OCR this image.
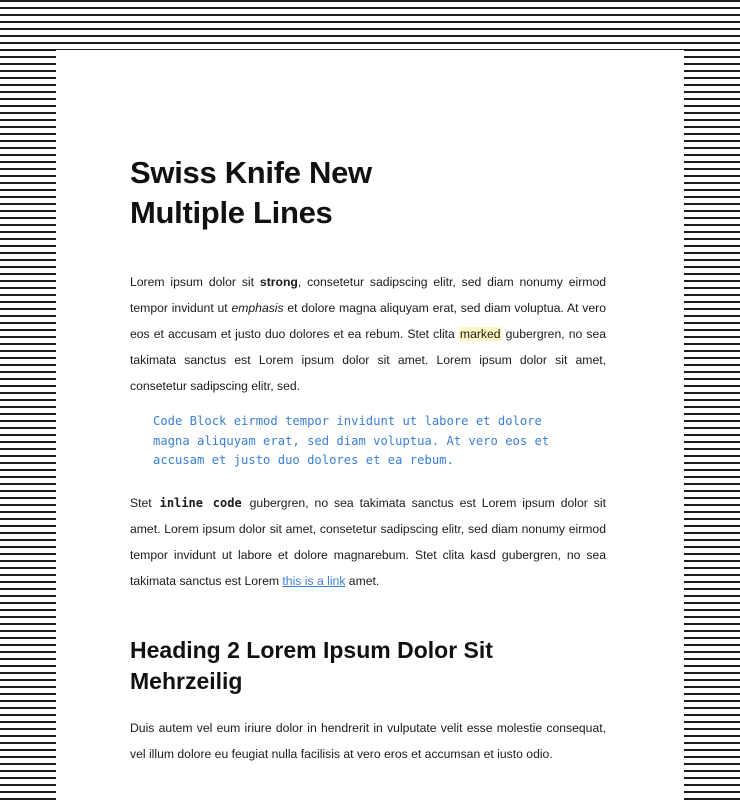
Swiss Knife New
Multiple Lines

Lorem ipsum dolor sit strong, consetetur sadipscing elitr, sed diam nonumy eirmod tempor invidunt ut emphasis et dolore magna aliquyam erat, sed diam voluptua. At vero eos et accusam et justo duo dolores et ea rebum. Stet clita marked gubergren, no sea takimata sanctus est Lorem ipsum dolor sit amet. Lorem ipsum dolor sit amet, consetetur sadipscing elitr, sed.

Code Block eirmod tempor invidunt ut labore et dolore
magna aliquyam erat, sed diam voluptua. At vero eos et
accusam et justo duo dolores et ea rebum.

Stet inline code gubergren, no sea takimata sanctus est Lorem ipsum dolor sit amet. Lorem ipsum dolor sit amet, consetetur sadipscing elitr, sed diam nonumy eirmod tempor invidunt ut labore et dolore magnarebum. Stet clita kasd gubergren, no sea takimata sanctus est Lorem this is a link amet.

Heading 2 Lorem Ipsum Dolor Sit
Mehrzeilig

Duis autem vel eum iriure dolor in hendrerit in vulputate velit esse molestie consequat, vel illum dolore eu feugiat nulla facilisis at vero eros et accumsan et iusto odio.
